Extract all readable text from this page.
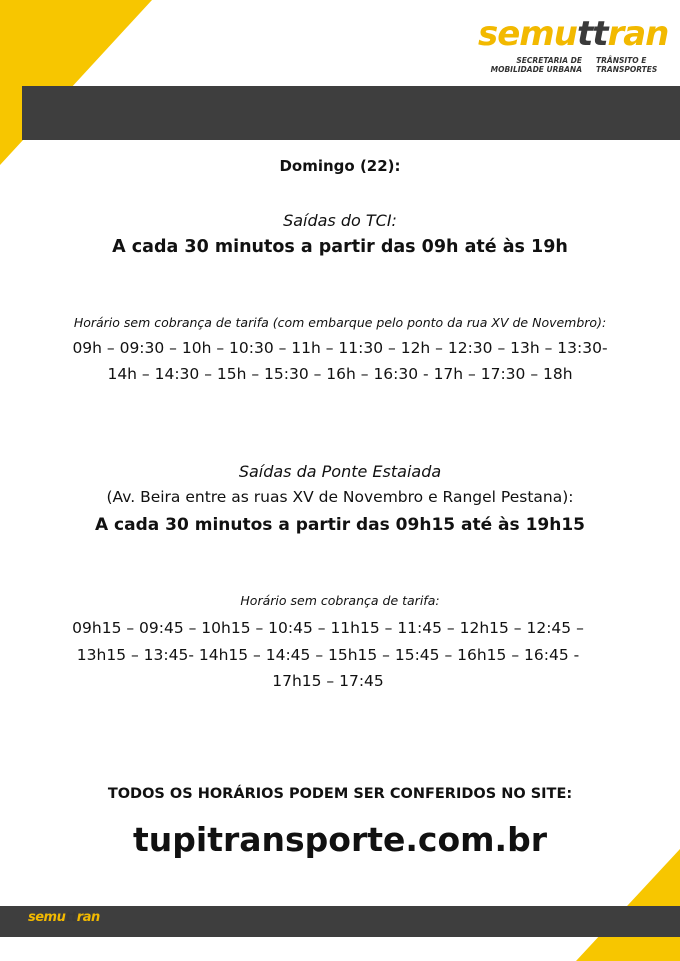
semuttran
SECRETARIA DE
MOBILIDADE URBANA
TRÂNSITO E
TRANSPORTES
Domingo (22):
Saídas do TCI:
A cada 30 minutos a partir das 09h até às 19h
Horário sem cobrança de tarifa (com embarque pelo ponto da rua XV de Novembro):
09h – 09:30 – 10h – 10:30 – 11h – 11:30 – 12h – 12:30 – 13h – 13:30-
14h – 14:30 – 15h – 15:30 – 16h – 16:30 - 17h – 17:30 – 18h
Saídas da Ponte Estaiada
(Av. Beira entre as ruas XV de Novembro e Rangel Pestana):
A cada 30 minutos a partir das 09h15 até às 19h15
Horário sem cobrança de tarifa:
09h15 – 09:45 – 10h15 – 10:45 – 11h15 – 11:45 – 12h15 – 12:45 –
13h15 – 13:45- 14h15 – 14:45 – 15h15 – 15:45 – 16h15 – 16:45 -
17h15 – 17:45
TODOS OS HORÁRIOS PODEM SER CONFERIDOS NO SITE:
tupitransporte.com.br
semuttran
